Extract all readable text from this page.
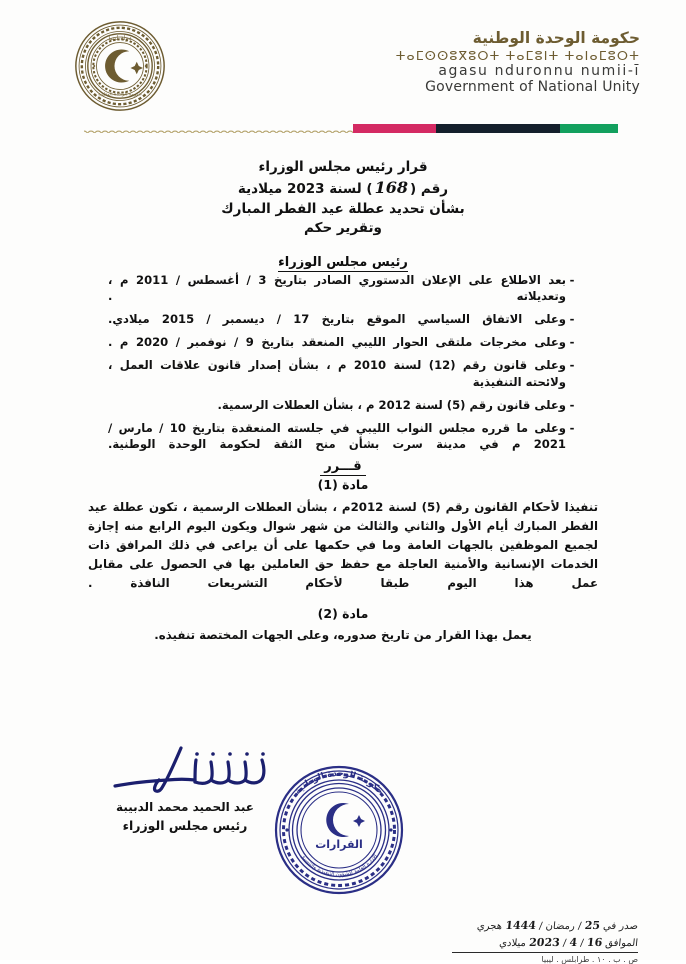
دولة ليبيا
حكومة الوحدة الوطنية
حكومة الوحدة الوطنية
ⵜⴰⵎⵙⵙⵓⴳⵓⵔⵜ ⵜⴰⵎⵓⵏⵜ ⵜⴰⵏⴰⵎⵓⵔⵜ
agasu nduronnu numii-ī
Government of National Unity
قرار رئيس مجلس الوزراء
رقم (168) لسنة 2023 ميلادية
بشأن تحديد عطلة عيد الفطر المبارك
وتقرير حكم
رئيس مجلس الوزراء
-
بعد الاطلاع على الإعلان الدستوري الصادر بتاريخ 3 / أغسطس / 2011 م ، وتعديلاته .
-
وعلى الاتفاق السياسي الموقع بتاريخ 17 / ديسمبر / 2015 ميلادي.
-
وعلى مخرجات ملتقى الحوار الليبي المنعقد بتاريخ 9 / نوفمبر / 2020 م .
-
وعلى قانون رقم (12) لسنة 2010 م ، بشأن إصدار قانون علاقات العمل ، ولائحته التنفيذية
-
وعلى قانون رقم (5) لسنة 2012 م ، بشأن العطلات الرسمية.
-
وعلى ما قرره مجلس النواب الليبي في جلسته المنعقدة بتاريخ 10 / مارس / 2021 م في مدينة سرت بشأن منح الثقة لحكومة الوحدة الوطنية.
قـــرر
مادة (1)
تنفيذا لأحكام القانون رقم (5) لسنة 2012م ، بشأن العطلات الرسمية ، تكون عطلة عيد الفطر المبارك أيام الأول والثاني والثالث من شهر شوال ويكون اليوم الرابع منه إجازة لجميع الموظفين بالجهات العامة وما في حكمها على أن يراعى في ذلك المرافق ذات الخدمات الإنسانية والأمنية العاجلة مع حفظ حق العاملين بها في الحصول على مقابل عمل هذا اليوم طبقا لأحكام التشريعات النافذة .
مادة (2)
يعمل بهذا القرار من تاريخ صدوره، وعلى الجهات المختصة تنفيذه.
عبد الحميد محمد الدبيبة
رئيس مجلس الوزراء
حكومة الوحدة الوطنية
الإدارة العامة للشؤون التنفيذية والتنسيق
القرارات
صدر في 25 / رمضان / 1444 هجري
الموافق 16 / 4 / 2023 ميلادي
ص . ب . ١٠ . طرابلس . ليبيا
